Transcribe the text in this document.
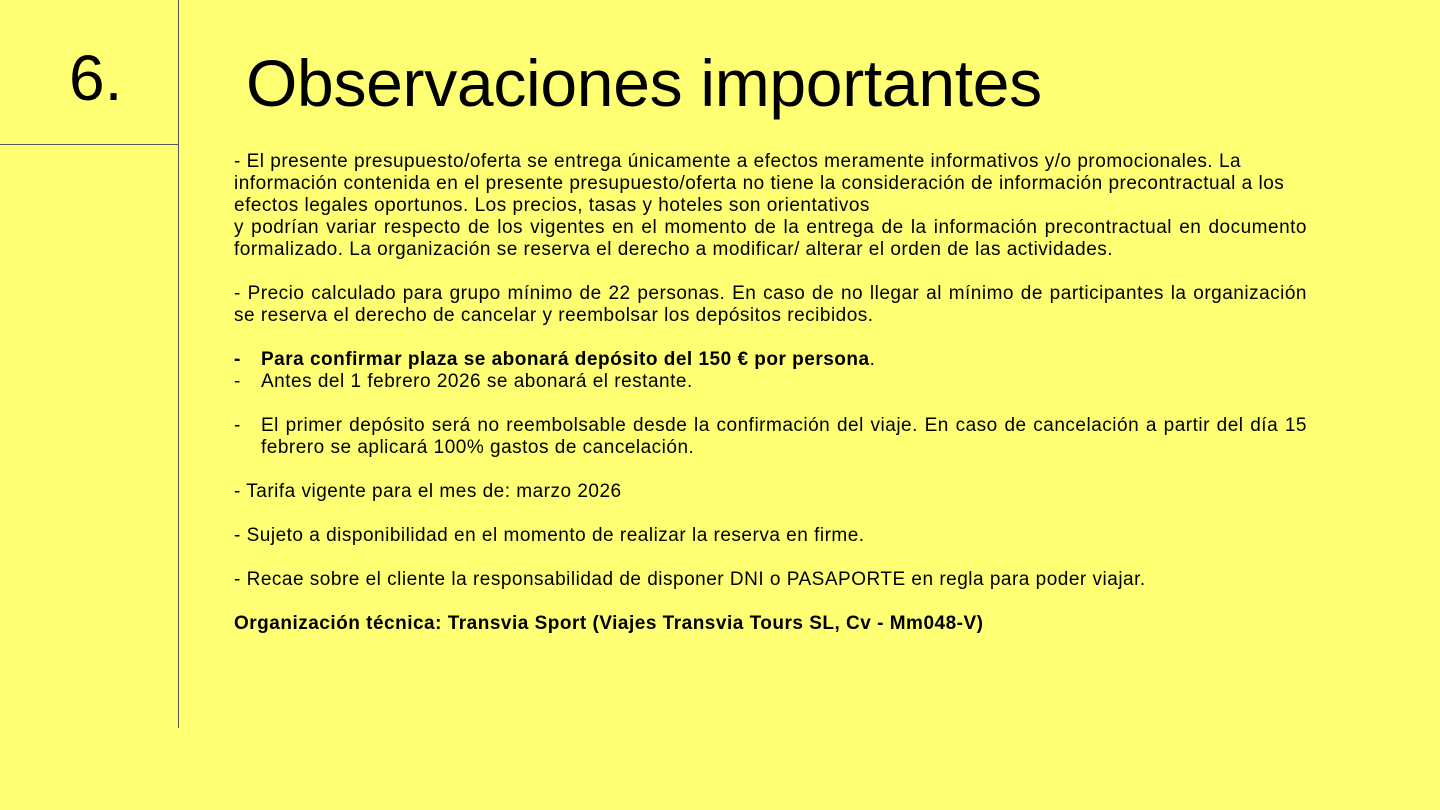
6. Observaciones importantes

- El presente presupuesto/oferta se entrega únicamente a efectos meramente informativos y/o promocionales. La información contenida en el presente presupuesto/oferta no tiene la consideración de información precontractual a los efectos legales oportunos. Los precios, tasas y hoteles son orientativos

y podrían variar respecto de los vigentes en el momento de la entrega de la información precontractual en documento formalizado. La organización se reserva el derecho a modificar/ alterar el orden de las actividades.

- Precio calculado para grupo mínimo de 22 personas. En caso de no llegar al mínimo de participantes la organización se reserva el derecho de cancelar y reembolsar los depósitos recibidos.

- Para confirmar plaza se abonará depósito del 150 € por persona.
- Antes del 1 febrero 2026 se abonará el restante.
- El primer depósito será no reembolsable desde la confirmación del viaje. En caso de cancelación a partir del día 15 febrero se aplicará 100% gastos de cancelación.

- Tarifa vigente para el mes de: marzo 2026

- Sujeto a disponibilidad en el momento de realizar la reserva en firme.

- Recae sobre el cliente la responsabilidad de disponer DNI o PASAPORTE en regla para poder viajar.

Organización técnica: Transvia Sport (Viajes Transvia Tours SL, Cv - Mm048-V)
